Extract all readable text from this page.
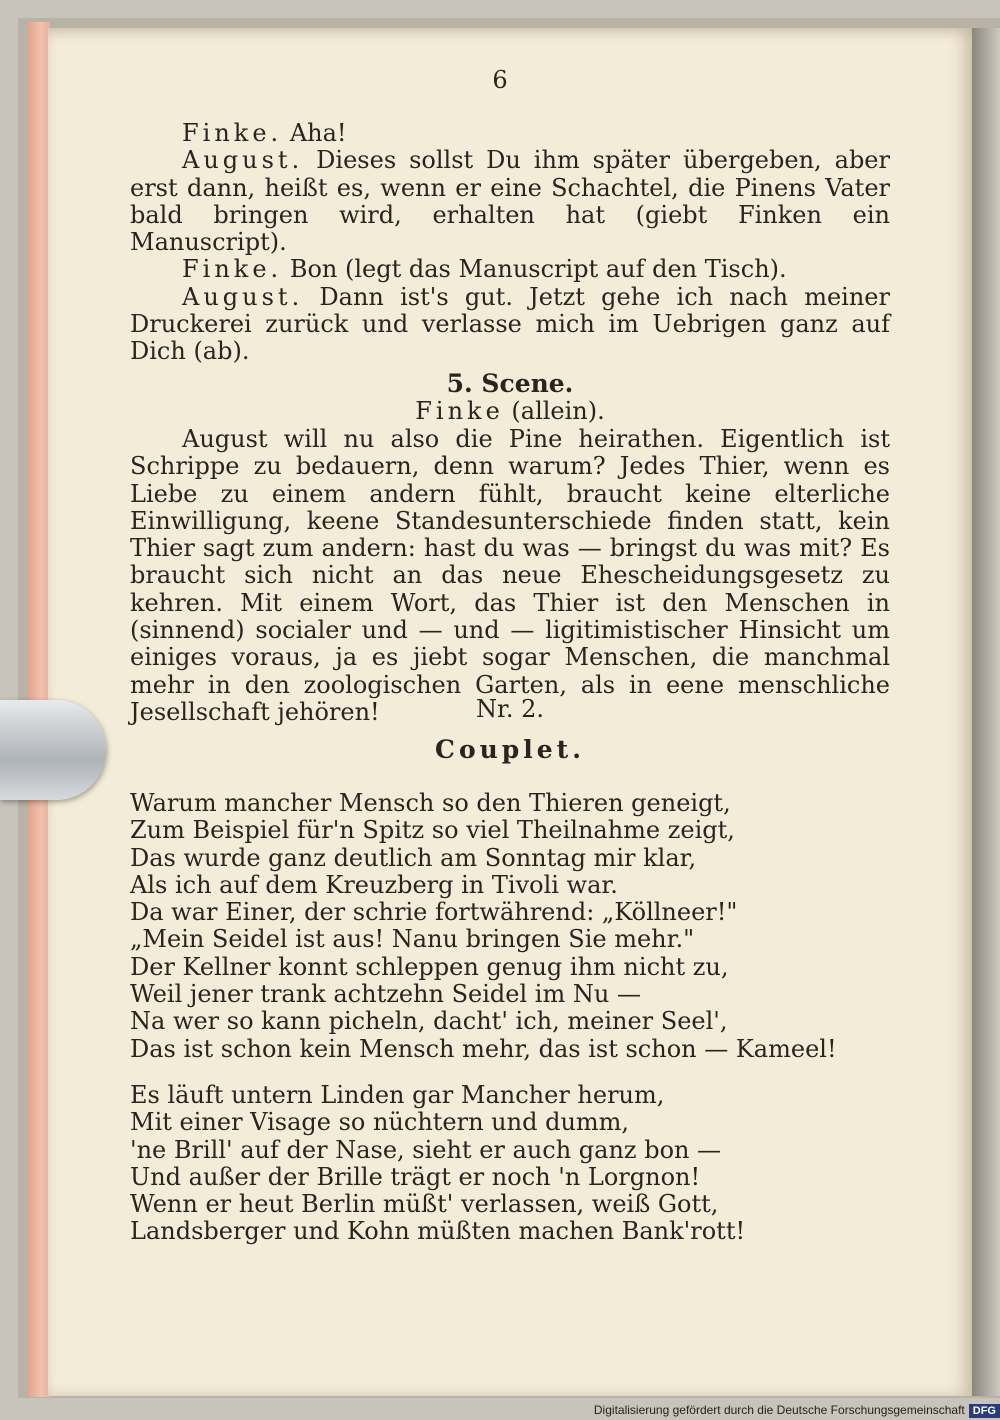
6

Finke. Aha!

August. Dieses sollst Du ihm später übergeben, aber erst dann, heißt es, wenn er eine Schachtel, die Pinens Vater bald bringen wird, erhalten hat (giebt Finken ein Manuscript).

Finke. Bon (legt das Manuscript auf den Tisch).

August. Dann ist's gut. Jetzt gehe ich nach meiner Druckerei zurück und verlasse mich im Uebrigen ganz auf Dich (ab).

5. Scene.
Finke (allein).

August will nu also die Pine heirathen. Eigentlich ist Schrippe zu bedauern, denn warum? Jedes Thier, wenn es Liebe zu einem andern fühlt, braucht keine elterliche Einwilligung, keene Standesunterschiede finden statt, kein Thier sagt zum andern: hast du was — bringst du was mit? Es braucht sich nicht an das neue Ehescheidungsgesetz zu kehren. Mit einem Wort, das Thier ist den Menschen in (sinnend) socialer und — und — ligitimistischer Hinsicht um einiges voraus, ja es jiebt sogar Menschen, die manchmal mehr in den zoologischen Garten, als in eene menschliche Jesellschaft jehören!	Nr. 2.
Couplet.

Warum mancher Mensch so den Thieren geneigt,

Zum Beispiel für'n Spitz so viel Theilnahme zeigt,

Das wurde ganz deutlich am Sonntag mir klar,

Als ich auf dem Kreuzberg in Tivoli war.

Da war Einer, der schrie fortwährend: „Köllneer!"

„Mein Seidel ist aus! Nanu bringen Sie mehr."

Der Kellner konnt schleppen genug ihm nicht zu,

Weil jener trank achtzehn Seidel im Nu —

Na wer so kann picheln, dacht' ich, meiner Seel',

Das ist schon kein Mensch mehr, das ist schon — Kameel!

Es läuft untern Linden gar Mancher herum,

Mit einer Visage so nüchtern und dumm,

'ne Brill' auf der Nase, sieht er auch ganz bon —

Und außer der Brille trägt er noch 'n Lorgnon!

Wenn er heut Berlin müßt' verlassen, weiß Gott,

Landsberger und Kohn müßten machen Bank'rott!

Digitalisierung gefördert durch die Deutsche Forschungsgemeinschaft DFG
